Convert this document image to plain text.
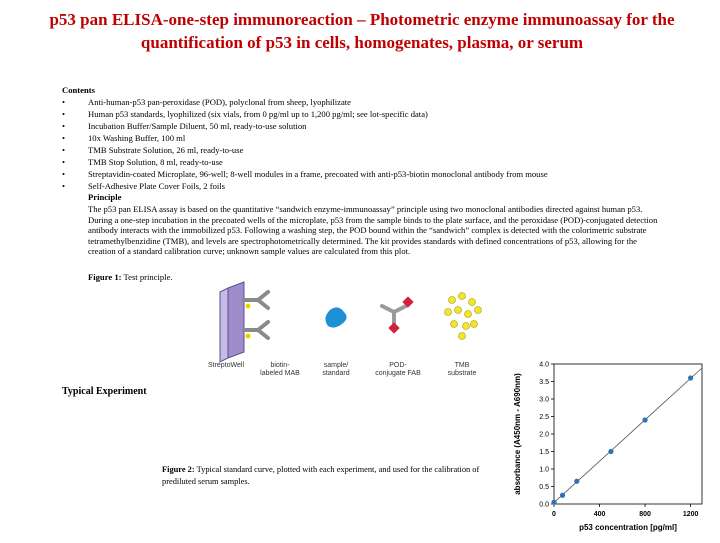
p53 pan ELISA-one-step immunoreaction – Photometric enzyme immunoassay for the quantification of p53 in cells, homogenates, plasma, or serum
Contents
• Anti-human-p53 pan-peroxidase (POD), polyclonal from sheep, lyophilizate
• Human p53 standards, lyophilized (six vials, from 0 pg/ml up to 1,200 pg/ml; see lot-specific data)
• Incubation Buffer/Sample Diluent, 50 ml, ready-to-use solution
• 10x Washing Buffer, 100 ml
• TMB Substrate Solution, 26 ml, ready-to-use
• TMB Stop Solution, 8 ml, ready-to-use
• Streptavidin-coated Microplate, 96-well; 8-well modules in a frame, precoated with anti-p53-biotin monoclonal antibody from mouse
• Self-Adhesive Plate Cover Foils, 2 foils
Principle
The p53 pan ELISA assay is based on the quantitative “sandwich enzyme-immunoassay” principle using two monoclonal antibodies directed against human p53. During a one-step incubation in the precoated wells of the microplate, p53 from the sample binds to the plate surface, and the peroxidase (POD)-conjugated detection antibody interacts with the immobilized p53. Following a washing step, the POD bound within the “sandwich” complex is detected with the colorimetric substrate tetramethylbenzidine (TMB), and levels are spectrophotometrically determined. The kit provides standards with defined concentrations of p53, allowing for the creation of a standard calibration curve; unknown sample values are calculated from this plot.
Figure 1: Test principle.
StreptoWell	biotin-
labeled MAB
sample/
standard
POD-
conjugate FAB
TMB
substrate
Typical Experiment
Figure 2: Typical standard curve, plotted with each experiment, and used for the calibration of prediluted serum samples.
0.0
0.5
1.0
1.5
2.0
2.5
3.0
3.5
4.0
0	400	800	1200
p53 concentration [pg/ml]
absorbance (A450nm - A690nm)
